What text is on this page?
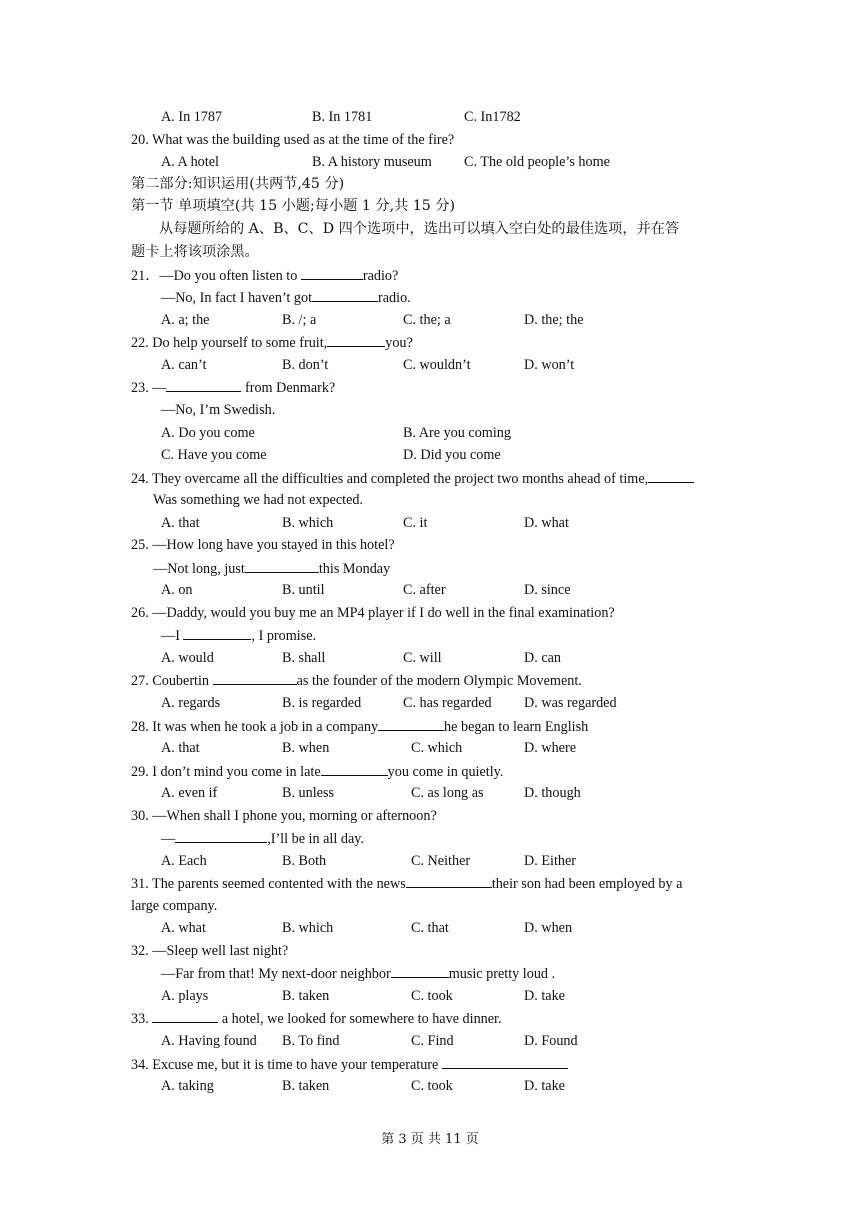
A. In 1787	B. In 1781	C. In1782
20. What was the building used as at the time of the fire?
A. A hotel	B. A history museum C. The old people’s home
第二部分:知识运用(共两节,45 分)
第一节 单项填空(共 15 小题;每小题 1 分,共 15 分)
从每题所给的 A、B、C、D 四个选项中，选出可以填入空白处的最佳选项，并在答
题卡上将该项涂黑。
21．—Do you often listen to	radio?
—No, In fact I haven’t got	radio.
A. a; the	B. /; a	C. the; a	D. the; the
22. Do help yourself to some fruit,	you?
A. can’t	B. don’t	C. wouldn’t	D. won’t
23. —	from Denmark?
—No, I’m Swedish.
A. Do you come	B. Are you coming
C. Have you come	D. Did you come
24. They overcame all the difficulties and completed the project two months ahead of time,
Was something we had not expected.
A. that	B. which	C. it	D. what
25. —How long have you stayed in this hotel?
—Not long, just	this Monday
A. on	B. until	C. after	D. since
26. —Daddy, would you buy me an MP4 player if I do well in the final examination?
—I	, I promise.
A. would	B. shall	C. will	D. can
27. Coubertin	as the founder of the modern Olympic Movement.
A. regards	B. is regarded	C. has regarded D. was regarded
28. It was when he took a job in a company	he began to learn English
A. that	B. when	C. which	D. where
29. I don’t mind you come in late	you come in quietly.
A. even if	B. unless	C. as long as	D. though
30. —When shall I phone you, morning or afternoon?
—	,I’ll be in all day.
A. Each	B. Both	C. Neither	D. Either
31. The parents seemed contented with the news	their son had been employed by a
large company.
A. what	B. which	C. that	D. when
32. —Sleep well last night?
—Far from that! My next-door neighbor	music pretty loud .
A. plays	B. taken	C. took	D. take
33.	a hotel, we looked for somewhere to have dinner.
A. Having found B. To find	C. Find	D. Found
34. Excuse me, but it is time to have your temperature
A. taking	B. taken	C. took	D. take
第 3 页 共 11 页
